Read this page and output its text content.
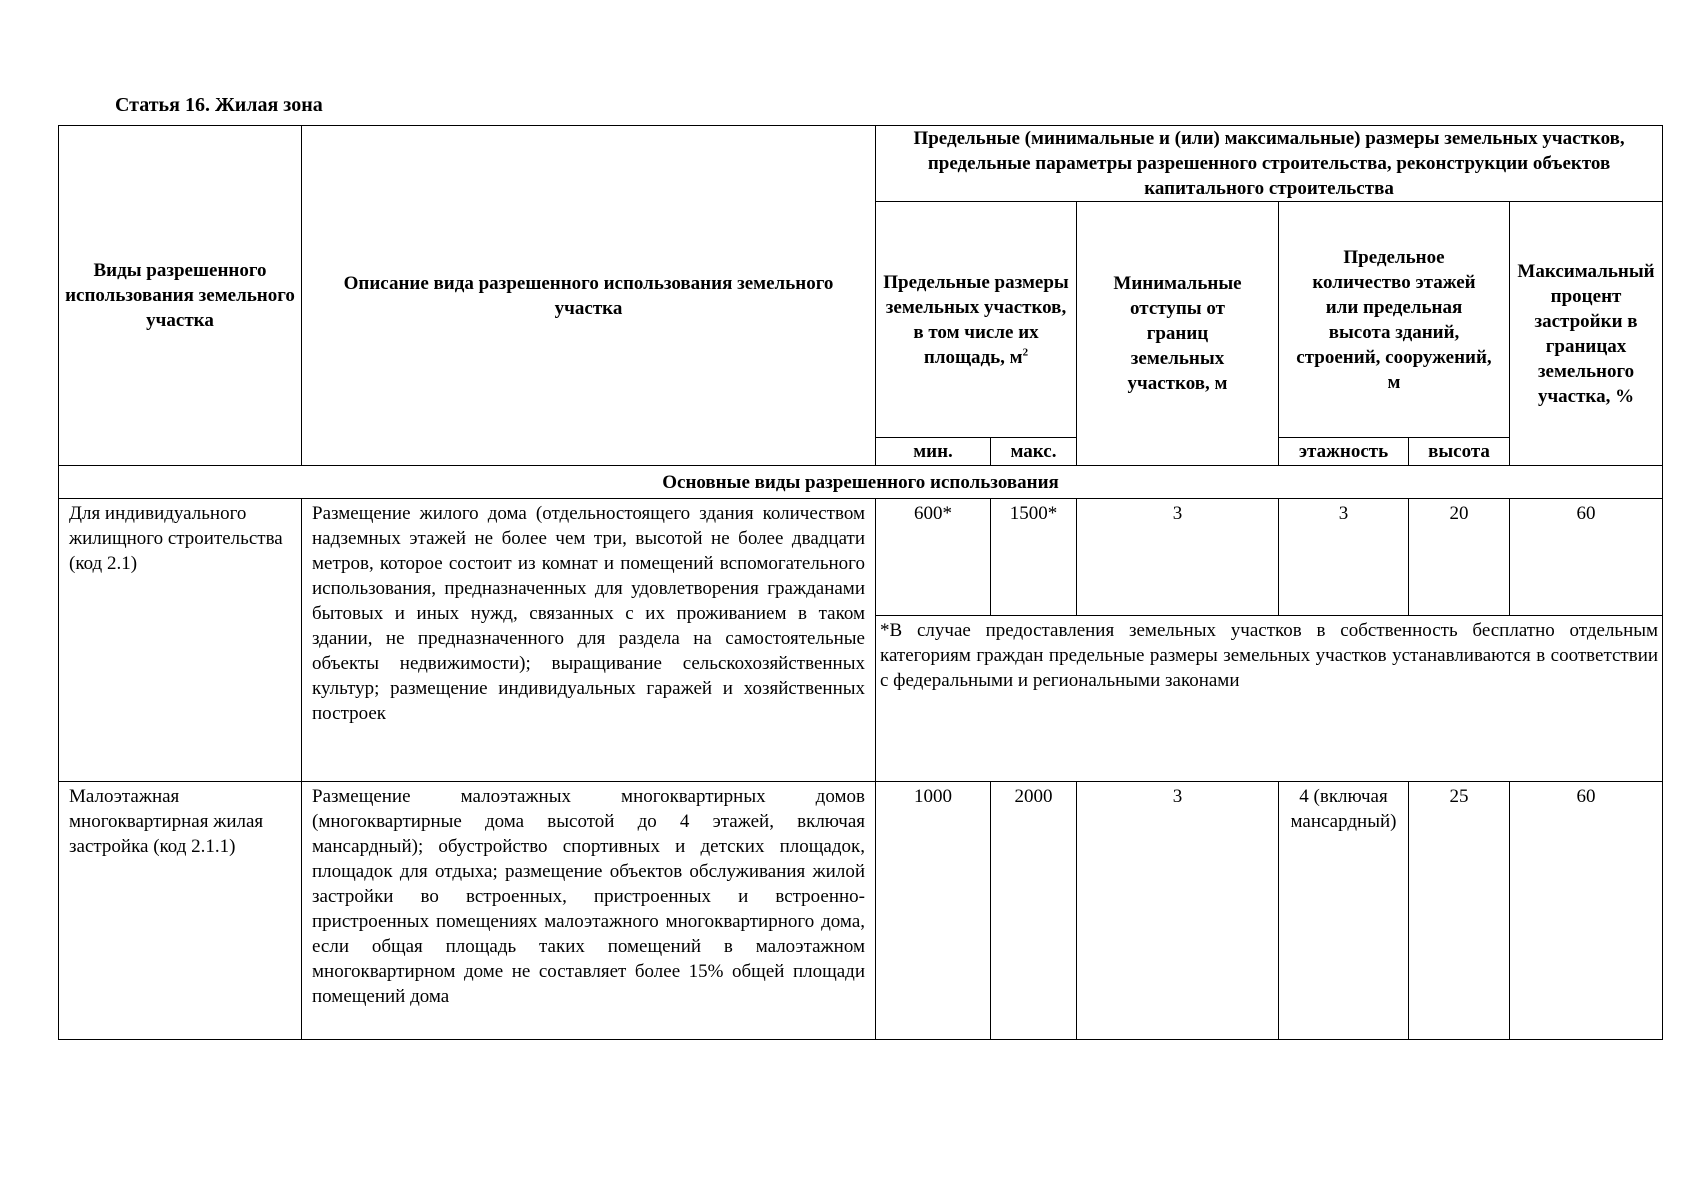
Статья 16. Жилая зона
Виды разрешенного использования земельного участка	Описание вида разрешенного использования земельного участка	Предельные (минимальные и (или) максимальные) размеры земельных участков, предельные параметры разрешенного строительства, реконструкции объектов капитального строительства					
		Предельные размеры земельных участков, в том числе их площадь, $м^2$		Минимальные отступы от границ земельных участков, м	Предельное количество этажей или предельная высота зданий, строений, сооружений, м		Максимальный процент застройки в границах земельного участка, %
		мин.	макс.		этажность	высота	
Основные виды разрешенного использования							
Для индивидуального жилищного строительства (код 2.1)	Размещение жилого дома (отдельностоящего здания количеством надземных этажей не более чем три, высотой не более двадцати метров, которое состоит из комнат и помещений вспомогательного использования, предназначенных для удовлетворения гражданами бытовых и иных нужд, связанных с их проживанием в таком здании, не предназначенного для раздела на самостоятельные объекты недвижимости); выращивание сельскохозяйственных культур; размещение индивидуальных гаражей и хозяйственных построек	600*	1500*	3	3	20	60
		*В случае предоставления земельных участков в собственность бесплатно отдельным категориям граждан предельные размеры земельных участков устанавливаются в соответствии с федеральными и региональными законами					
Малоэтажная многоквартирная жилая застройка (код 2.1.1)	Размещение малоэтажных многоквартирных домов (многоквартирные дома высотой до 4 этажей, включая мансардный); обустройство спортивных и детских площадок, площадок для отдыха; размещение объектов обслуживания жилой застройки во встроенных, пристроенных и встроенно-пристроенных помещениях малоэтажного многоквартирного дома, если общая площадь таких помещений в малоэтажном многоквартирном доме не составляет более 15% общей площади помещений дома	1000	2000	3	4 (включая мансардный)	25	60
